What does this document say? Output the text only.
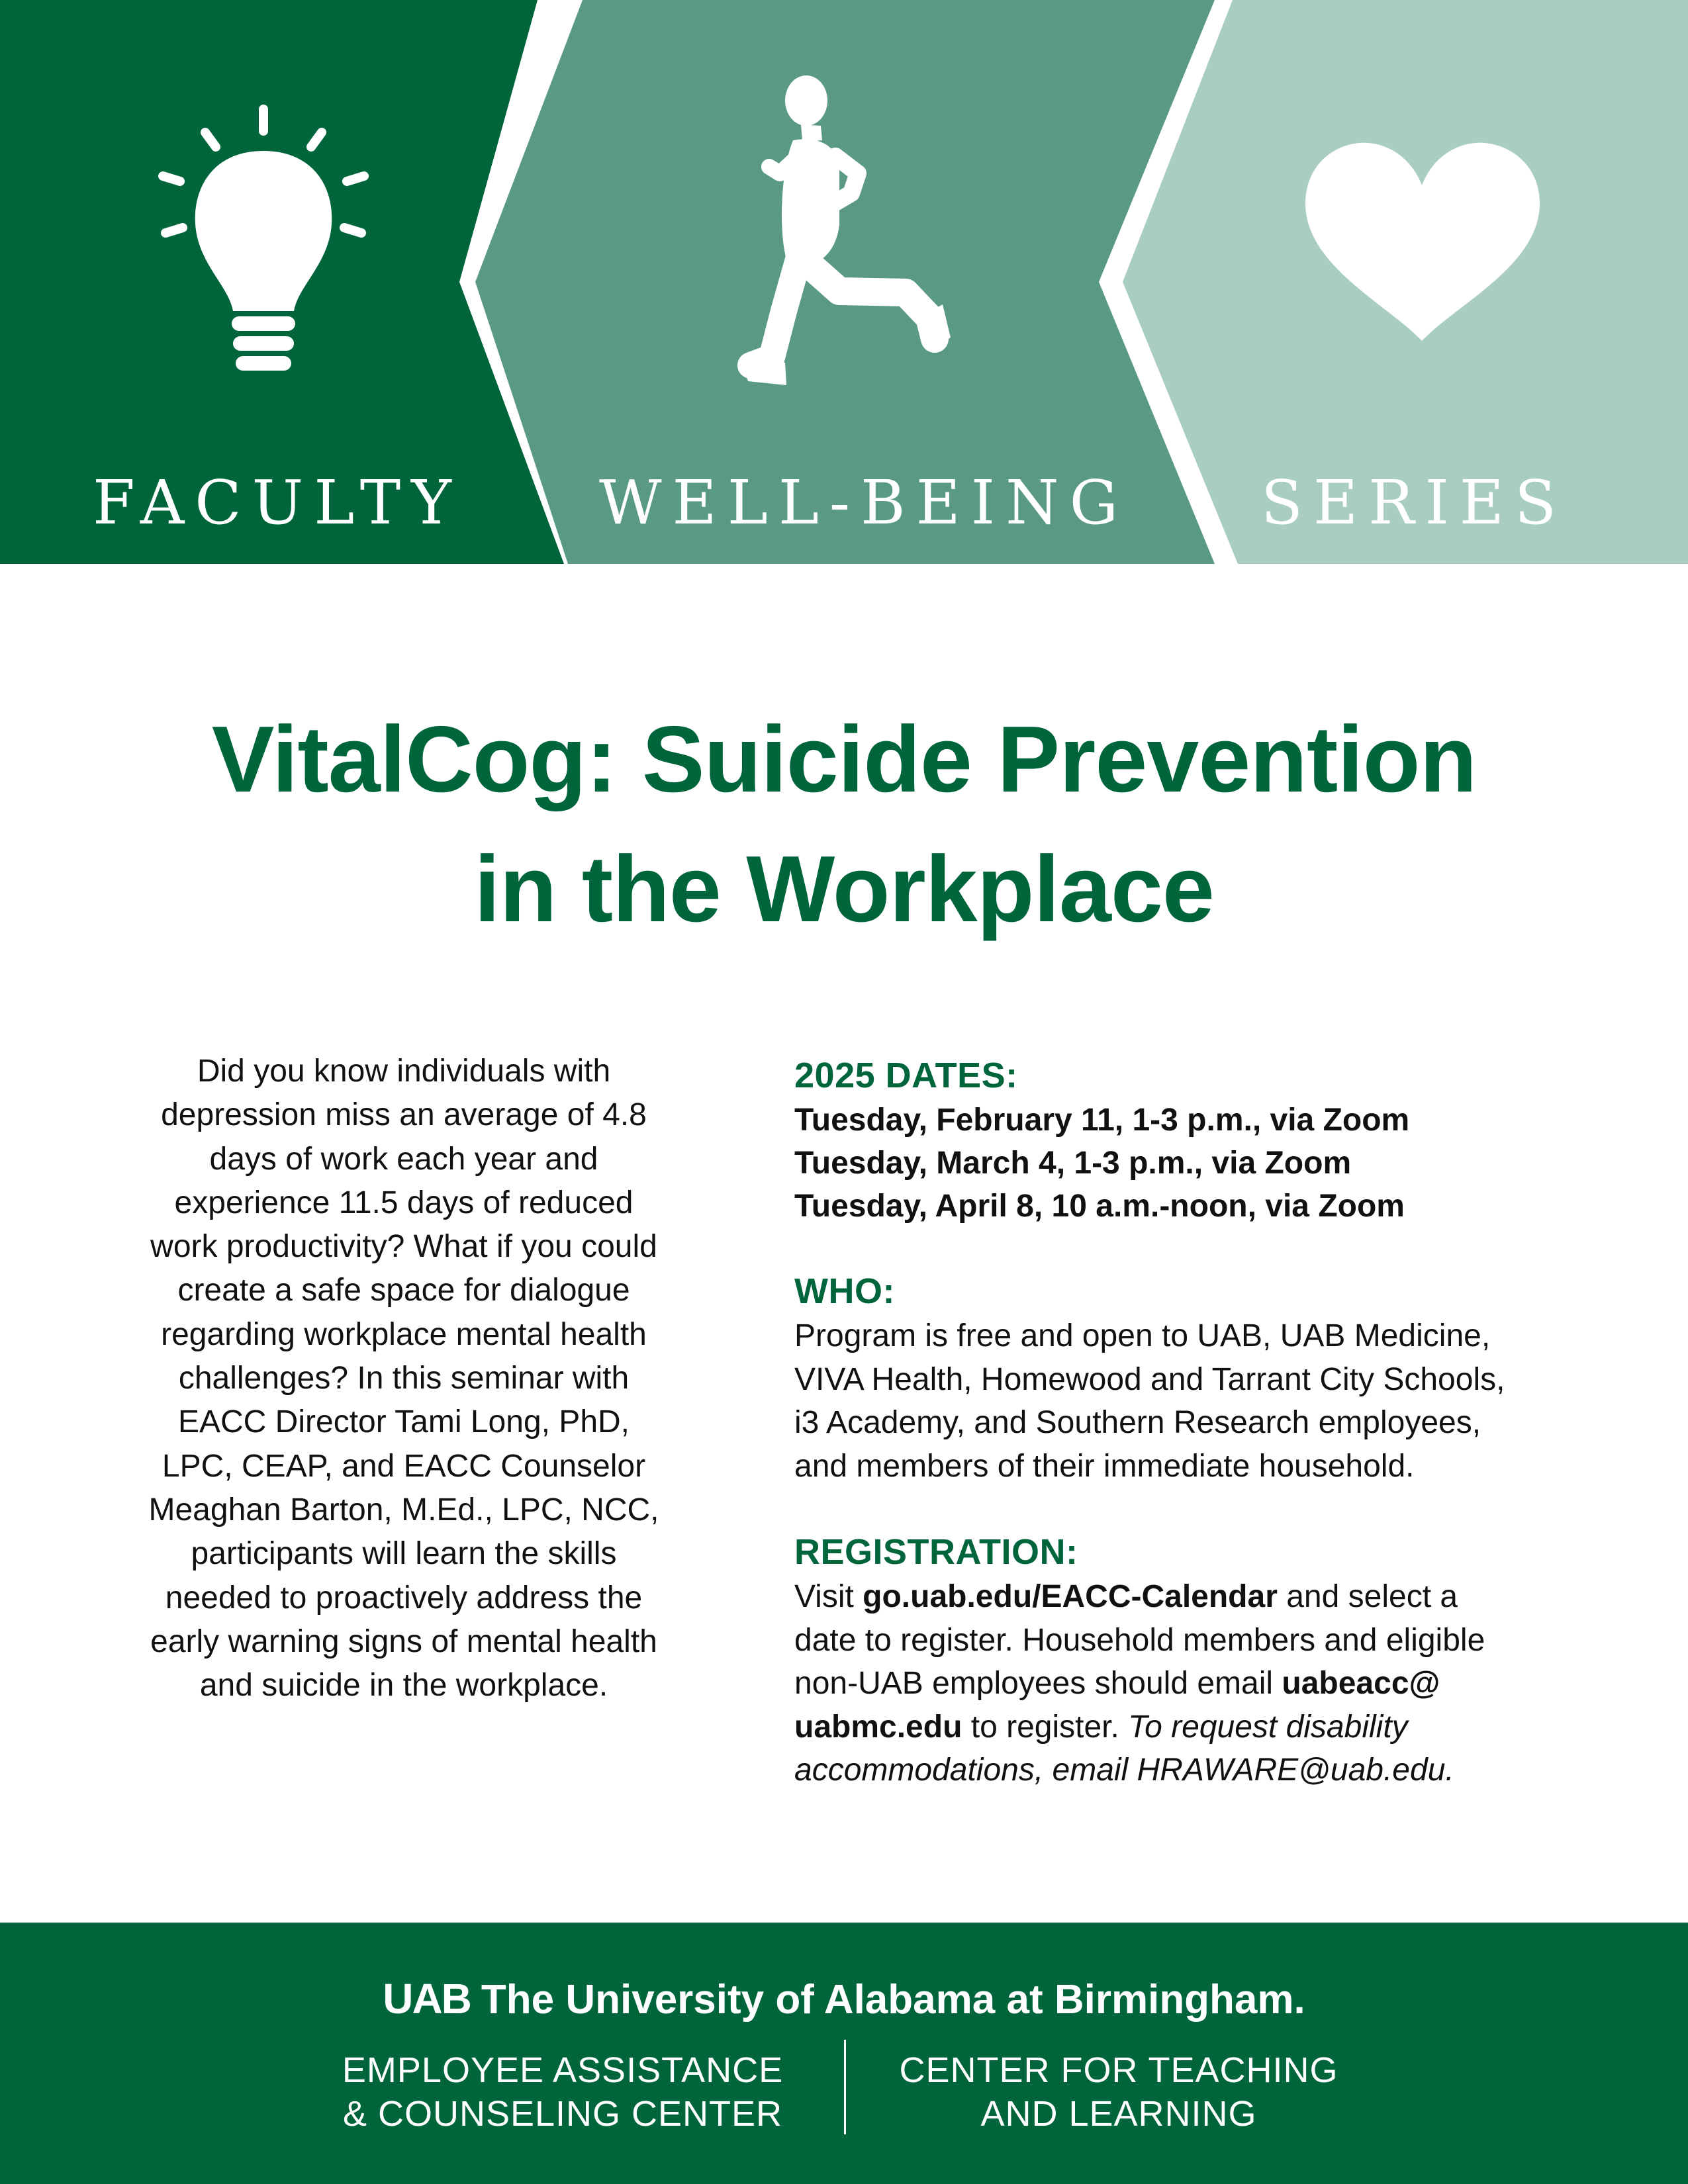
FACULTY WELL-BEING SERIES
VitalCog: Suicide Prevention
in the Workplace

Did you know individuals with depression miss an average of 4.8 days of work each year and experience 11.5 days of reduced work productivity? What if you could create a safe space for dialogue regarding workplace mental health challenges? In this seminar with EACC Director Tami Long, PhD, LPC, CEAP, and EACC Counselor Meaghan Barton, M.Ed., LPC, NCC, participants will learn the skills needed to proactively address the early warning signs of mental health and suicide in the workplace.

2025 DATES:
Tuesday, February 11, 1-3 p.m., via Zoom
Tuesday, March 4, 1-3 p.m., via Zoom
Tuesday, April 8, 10 a.m.-noon, via Zoom
WHO:
Program is free and open to UAB, UAB Medicine,
VIVA Health, Homewood and Tarrant City Schools,
i3 Academy, and Southern Research employees,
and members of their immediate household.
REGISTRATION:
Visit go.uab.edu/EACC-Calendar and select a
date to register. Household members and eligible
non-UAB employees should email uabeacc@
uabmc.edu to register. To request disability
accommodations, email HRAWARE@uab.edu.
UAB The University of Alabama at Birmingham.
EMPLOYEE ASSISTANCE
& COUNSELING CENTER
CENTER FOR TEACHING
AND LEARNING
